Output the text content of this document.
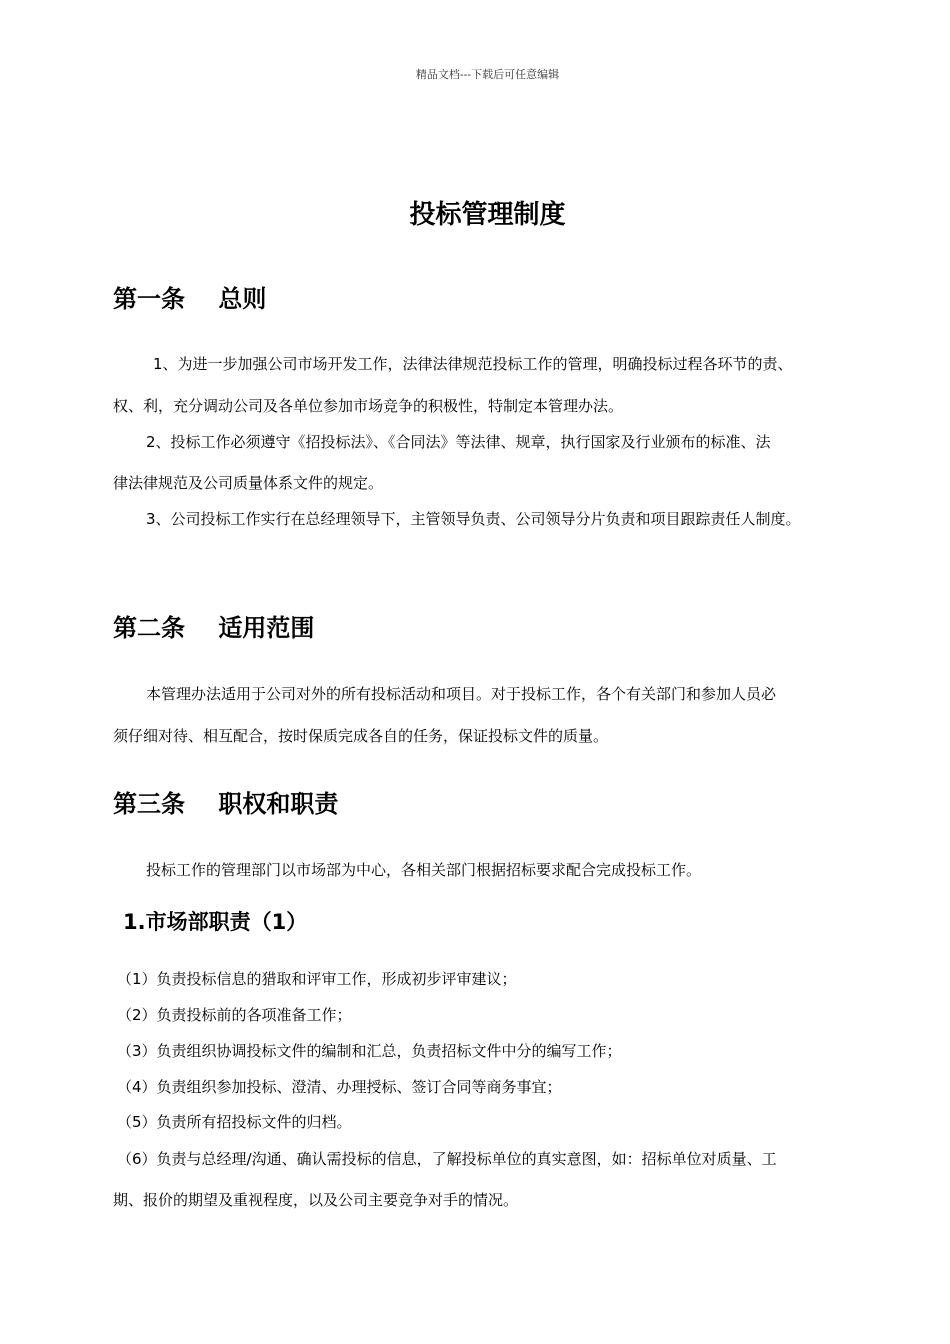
精品文档---下载后可任意编辑
投标管理制度
第一条    总则
1、为进一步加强公司市场开发工作，法律法律规范投标工作的管理，明确投标过程各环节的责、
权、利，充分调动公司及各单位参加市场竞争的积极性，特制定本管理办法。
2、投标工作必须遵守《招投标法》、《合同法》等法律、规章，执行国家及行业颁布的标准、法
律法律规范及公司质量体系文件的规定。
3、公司投标工作实行在总经理领导下，主管领导负责、公司领导分片负责和项目跟踪责任人制度。
第二条    适用范围
本管理办法适用于公司对外的所有投标活动和项目。对于投标工作，各个有关部门和参加人员必
须仔细对待、相互配合，按时保质完成各自的任务，保证投标文件的质量。
第三条    职权和职责
投标工作的管理部门以市场部为中心，各相关部门根据招标要求配合完成投标工作。
1.市场部职责（1）
（1）负责投标信息的猎取和评审工作，形成初步评审建议；
（2）负责投标前的各项准备工作；
（3）负责组织协调投标文件的编制和汇总，负责招标文件中分的编写工作；
（4）负责组织参加投标、澄清、办理授标、签订合同等商务事宜；
（5）负责所有招投标文件的归档。
（6）负责与总经理/沟通、确认需投标的信息，了解投标单位的真实意图，如：招标单位对质量、工
期、报价的期望及重视程度，以及公司主要竞争对手的情况。
